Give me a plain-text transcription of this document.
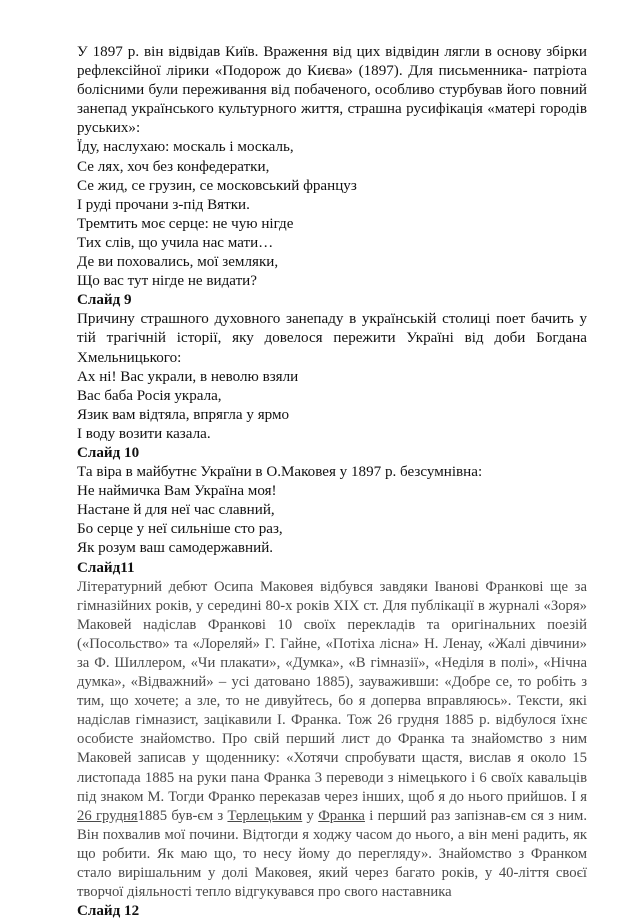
У 1897 р. він відвідав Київ. Враження від цих відвідин лягли в основу збірки рефлексійної лірики «Подорож до Києва» (1897). Для письменника- патріота болісними були переживання від побаченого, особливо стурбував його повний занепад українського культурного життя, страшна русифікація «матері городів руських»:

Їду, наслухаю: москаль і москаль,

Се лях, хоч без конфедератки,

Се жид, се грузин, се московський француз

І руді прочани з-під Вятки.

Тремтить моє серце: не чую нігде

Тих слів, що учила нас мати…

Де ви поховались, мої земляки,

Що вас тут нігде не видати?

Слайд 9

Причину страшного духовного занепаду в українській столиці поет бачить у тій трагічній історії, яку довелося пережити Україні від доби Богдана Хмельницького:

Ах ні! Вас украли, в неволю взяли

Вас баба Росія украла,

Язик вам відтяла, впрягла у ярмо

І воду возити казала.

Слайд 10

Та віра в майбутнє України в О.Маковея у 1897 р. безсумнівна:

Не наймичка Вам Україна моя!

Настане й для неї час славний,

Бо серце у неї сильніше сто раз,

Як розум ваш самодержавний.

Слайд11

Літературний дебют Осипа Маковея відбувся завдяки Іванові Франкові ще за гімназійних років, у середині 80-х років XIX ст. Для публікації в журналі «Зоря» Маковей надіслав Франкові 10 своїх перекладів та оригінальних поезій («Посольство» та «Лореляй» Г. Гайне, «Потіха лісна» Н. Ленау, «Жалі дівчини» за Ф. Шиллером, «Чи плакати», «Думка», «В гімназії», «Неділя в полі», «Нічна думка», «Відважний» – усі датовано 1885), зауваживши: «Добре се, то робіть з тим, що хочете; а зле, то не дивуйтесь, бо я доперва вправляюсь». Тексти, які надіслав гімназист, зацікавили І. Франка. Тож 26 грудня 1885 р. відбулося їхнє особисте знайомство. Про свій перший лист до Франка та знайомство з ним Маковей записав у щоденнику: «Хотячи спробувати щастя, вислав я около 15 листопада 1885 на руки пана Франка 3 переводи з німецького і 6 своїх кавальців під знаком М. Тогди Франко переказав через інших, щоб я до нього прийшов. І я 26 грудня1885 був-єм з Терлецьким у Франка і перший раз запізнав-єм ся з ним. Він похвалив мої почини. Відтогди я ходжу часом до нього, а він мені радить, як що робити. Як маю що, то несу йому до перегляду». Знайомство з Франком стало вирішальним у долі Маковея, який через багато років, у 40-ліття своєї творчої діяльності тепло відгукувався про свого наставника

Слайд 12
